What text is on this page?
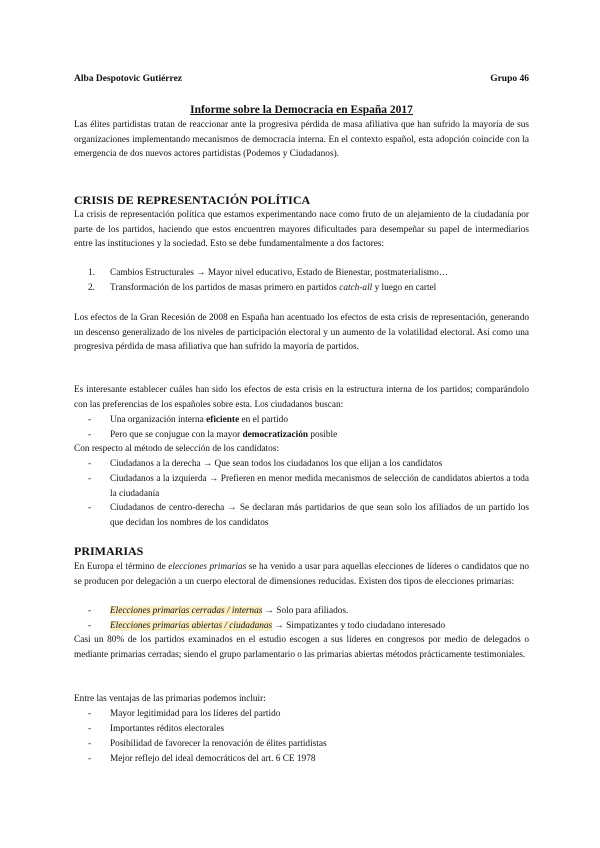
Alba Despotovic Gutiérrez	Grupo 46
Informe sobre la Democracia en España 2017

Las élites partidistas tratan de reaccionar ante la progresiva pérdida de masa afiliativa que han sufrido la mayoría de sus organizaciones implementando mecanismos de democracia interna. En el contexto español, esta adopción coincide con la emergencia de dos nuevos actores partidistas (Podemos y Ciudadanos).

CRISIS DE REPRESENTACIÓN POLÍTICA

La crisis de representación política que estamos experimentando nace como fruto de un alejamiento de la ciudadanía por parte de los partidos, haciendo que estos encuentren mayores dificultades para desempeñar su papel de intermediarios entre las instituciones y la sociedad. Esto se debe fundamentalmente a dos factores:

1. Cambios Estructurales → Mayor nivel educativo, Estado de Bienestar, postmaterialismo…
2. Transformación de los partidos de masas primero en partidos catch-all y luego en cartel

Los efectos de la Gran Recesión de 2008 en España han acentuado los efectos de esta crisis de representación, generando un descenso generalizado de los niveles de participación electoral y un aumento de la volatilidad electoral. Así como una progresiva pérdida de masa afiliativa que han sufrido la mayoría de partidos.

Es interesante establecer cuáles han sido los efectos de esta crisis en la estructura interna de los partidos; comparándolo con las preferencias de los españoles sobre esta. Los ciudadanos buscan:

- Una organización interna eficiente en el partido
- Pero que se conjugue con la mayor democratización posible

Con respecto al método de selección de los candidatos:

- Ciudadanos a la derecha → Que sean todos los ciudadanos los que elijan a los candidatos
- Ciudadanos a la izquierda → Prefieren en menor medida mecanismos de selección de candidatos abiertos a toda la ciudadanía
- Ciudadanos de centro-derecha → Se declaran más partidarios de que sean solo los afiliados de un partido los que decidan los nombres de los candidatos
PRIMARIAS

En Europa el término de elecciones primarias se ha venido a usar para aquellas elecciones de líderes o candidatos que no se producen por delegación a un cuerpo electoral de dimensiones reducidas. Existen dos tipos de elecciones primarias:

- Elecciones primarias cerradas / internas → Solo para afiliados.
- Elecciones primarias abiertas / ciudadanas → Simpatizantes y todo ciudadano interesado

Casi un 80% de los partidos examinados en el estudio escogen a sus líderes en congresos por medio de delegados o mediante primarias cerradas; siendo el grupo parlamentario o las primarias abiertas métodos prácticamente testimoniales.

Entre las ventajas de las primarias podemos incluir:

- Mayor legitimidad para los líderes del partido
- Importantes réditos electorales
- Posibilidad de favorecer la renovación de élites partidistas
- Mejor reflejo del ideal democráticos del art. 6 CE 1978
